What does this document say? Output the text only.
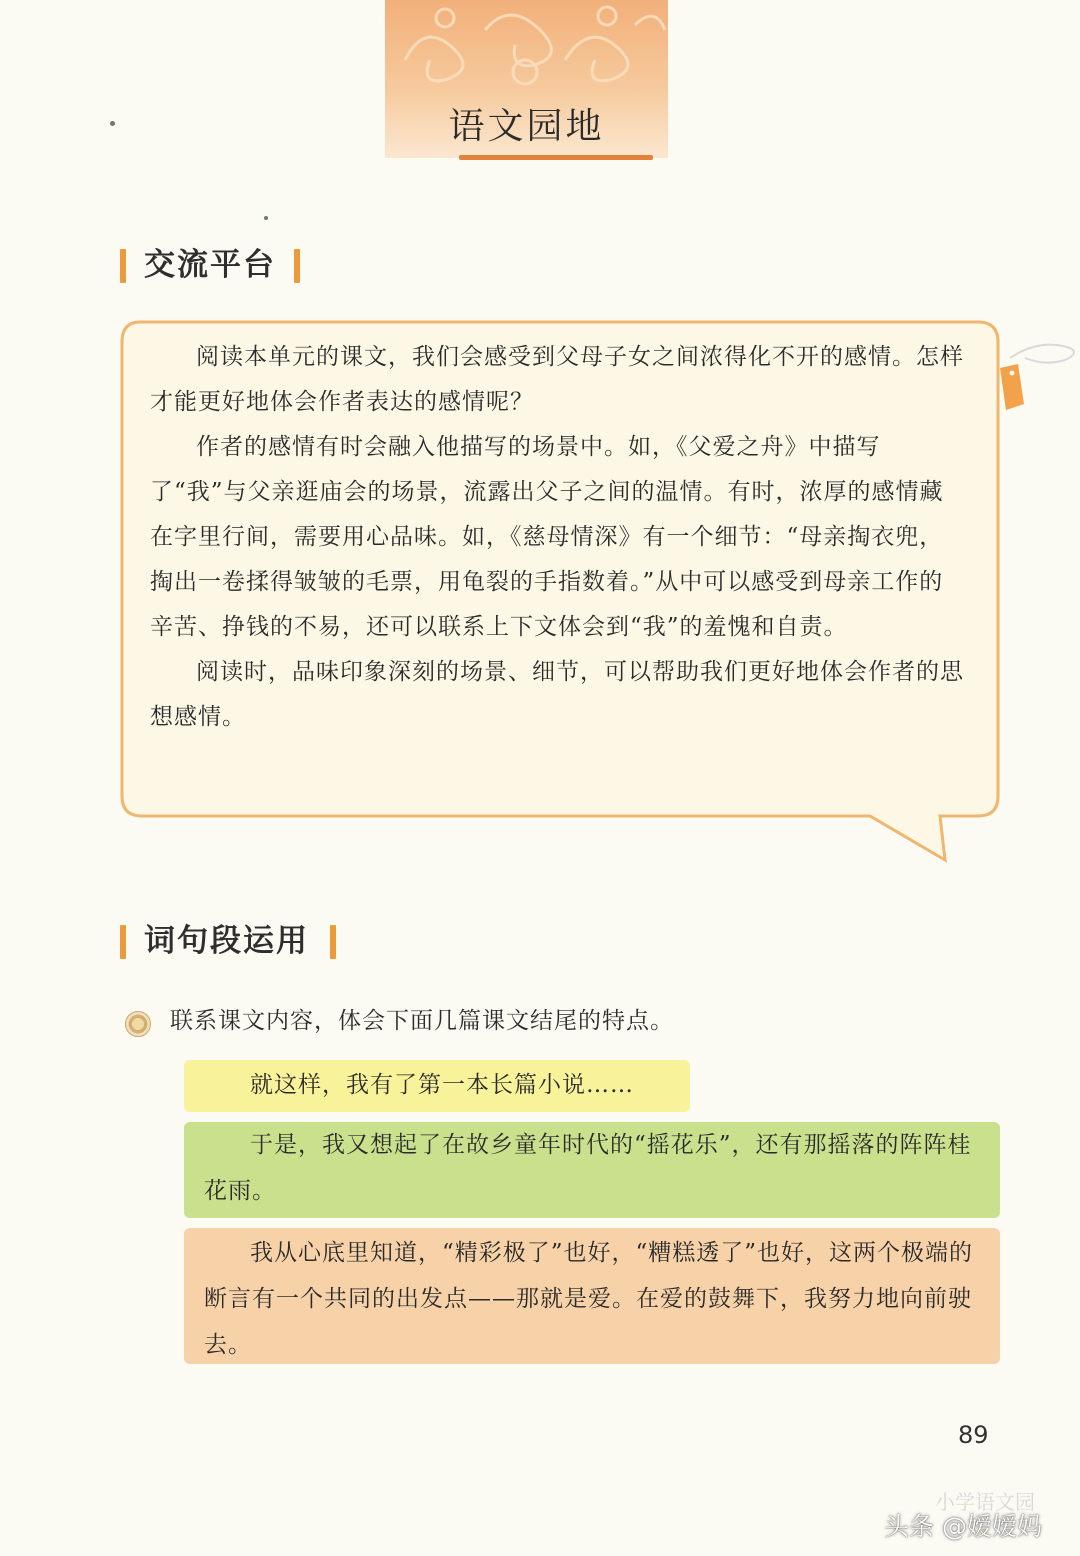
语文园地
交流平台

阅读本单元的课文，我们会感受到父母子女之间浓得化不开的感情。怎样才能更好地体会作者表达的感情呢？

作者的感情有时会融入他描写的场景中。如，《父爱之舟》中描写了“我”与父亲逛庙会的场景，流露出父子之间的温情。有时，浓厚的感情藏在字里行间，需要用心品味。如，《慈母情深》有一个细节：“母亲掏衣兜，掏出一卷揉得皱皱的毛票，用龟裂的手指数着。”从中可以感受到母亲工作的辛苦、挣钱的不易，还可以联系上下文体会到“我”的羞愧和自责。

阅读时，品味印象深刻的场景、细节，可以帮助我们更好地体会作者的思想感情。

词句段运用
联系课文内容，体会下面几篇课文结尾的特点。

就这样，我有了第一本长篇小说……

于是，我又想起了在故乡童年时代的“摇花乐”，还有那摇落的阵阵桂花雨。

我从心底里知道，“精彩极了”也好，“糟糕透了”也好，这两个极端的断言有一个共同的出发点——那就是爱。在爱的鼓舞下，我努力地向前驶去。

89
小学语文园
头条 @嫒嫒妈
